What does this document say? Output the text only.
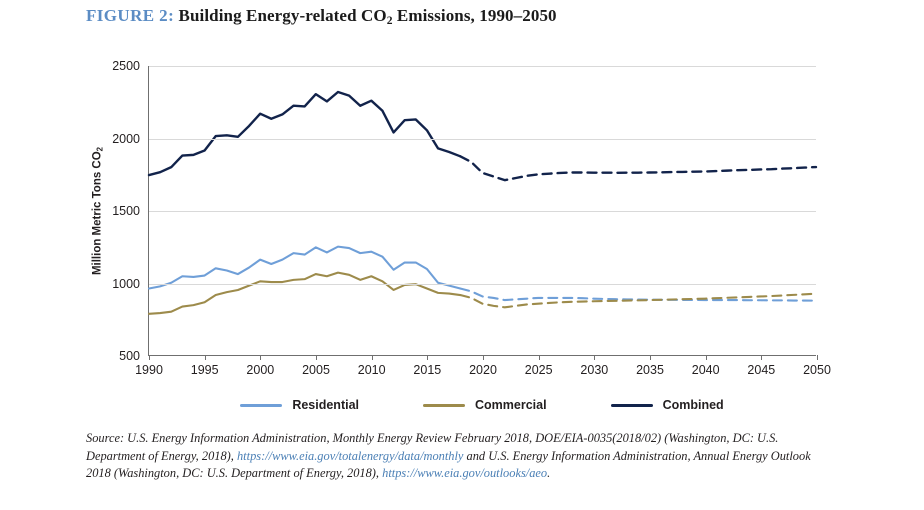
FIGURE 2: Building Energy-related $CO_2$ Emissions, 1990–2050
Million Metric Tons $CO_2$
500
1000
1500
2000
2500
1990 1995 2000 2005 2010 2015 2020 2025 2030 2035 2040 2045 2050
Residential	Commercial	Combined
Source: U.S. Energy Information Administration, Monthly Energy Review February 2018, DOE/EIA-0035(2018/02) (Washington, DC: U.S. Department of Energy, 2018), https://www.eia.gov/totalenergy/data/monthly and U.S. Energy Information Administration, Annual Energy Outlook 2018 (Washington, DC: U.S. Department of Energy, 2018), https://www.eia.gov/outlooks/aeo.
